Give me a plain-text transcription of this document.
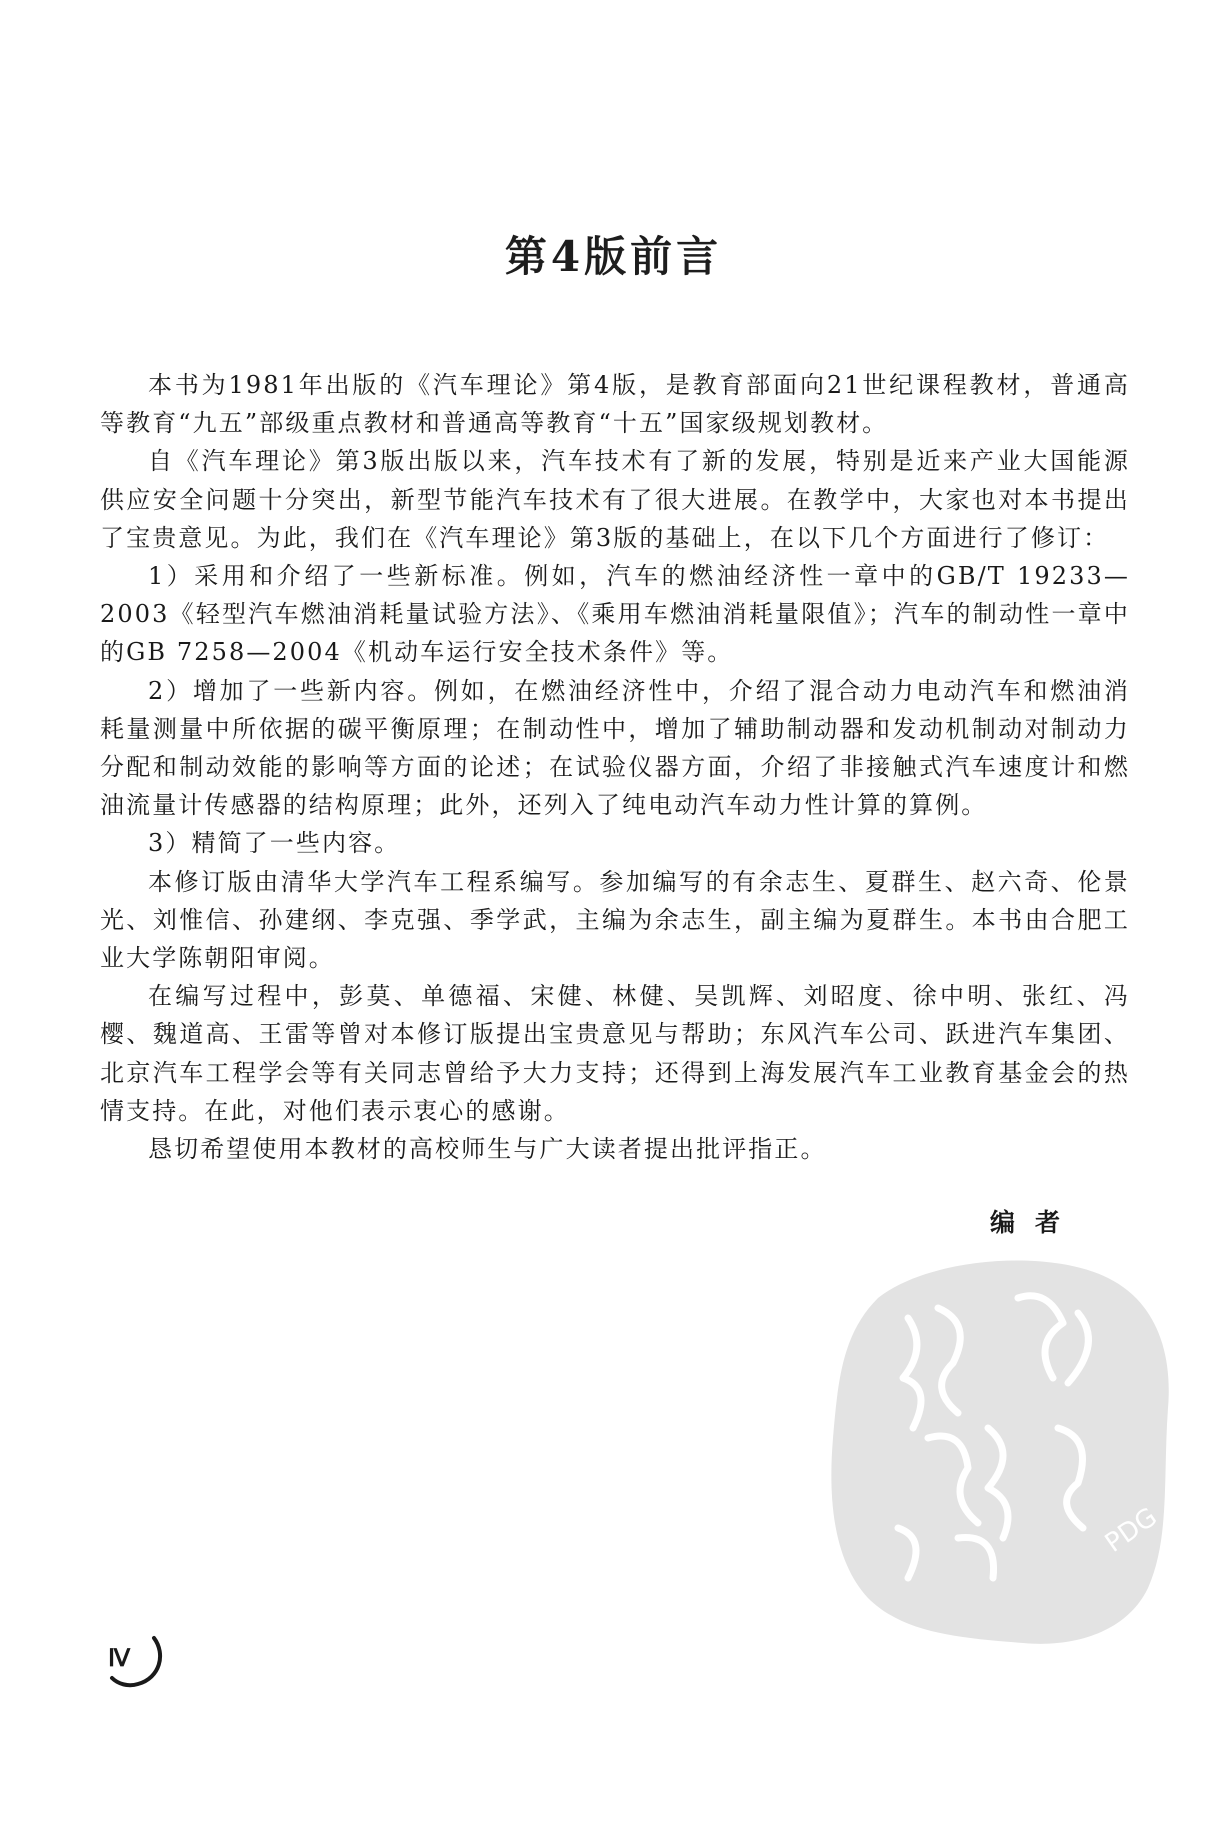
第4版前言

本书为1981年出版的《汽车理论》第4版，是教育部面向21世纪课程教材，普通高等教育“九五”部级重点教材和普通高等教育“十五”国家级规划教材。

自《汽车理论》第3版出版以来，汽车技术有了新的发展，特别是近来产业大国能源供应安全问题十分突出，新型节能汽车技术有了很大进展。在教学中，大家也对本书提出了宝贵意见。为此，我们在《汽车理论》第3版的基础上，在以下几个方面进行了修订：

1）采用和介绍了一些新标准。例如，汽车的燃油经济性一章中的GB/T 19233—2003《轻型汽车燃油消耗量试验方法》、《乘用车燃油消耗量限值》；汽车的制动性一章中的GB 7258—2004《机动车运行安全技术条件》等。

2）增加了一些新内容。例如，在燃油经济性中，介绍了混合动力电动汽车和燃油消耗量测量中所依据的碳平衡原理；在制动性中，增加了辅助制动器和发动机制动对制动力分配和制动效能的影响等方面的论述；在试验仪器方面，介绍了非接触式汽车速度计和燃油流量计传感器的结构原理；此外，还列入了纯电动汽车动力性计算的算例。

3）精简了一些内容。

本修订版由清华大学汽车工程系编写。参加编写的有余志生、夏群生、赵六奇、伦景光、刘惟信、孙建纲、李克强、季学武，主编为余志生，副主编为夏群生。本书由合肥工业大学陈朝阳审阅。

在编写过程中，彭莫、单德福、宋健、林健、吴凯辉、刘昭度、徐中明、张红、冯樱、魏道高、王雷等曾对本修订版提出宝贵意见与帮助；东风汽车公司、跃进汽车集团、北京汽车工程学会等有关同志曾给予大力支持；还得到上海发展汽车工业教育基金会的热情支持。在此，对他们表示衷心的感谢。

恳切希望使用本教材的高校师生与广大读者提出批评指正。

编者
PDG
Ⅳ
